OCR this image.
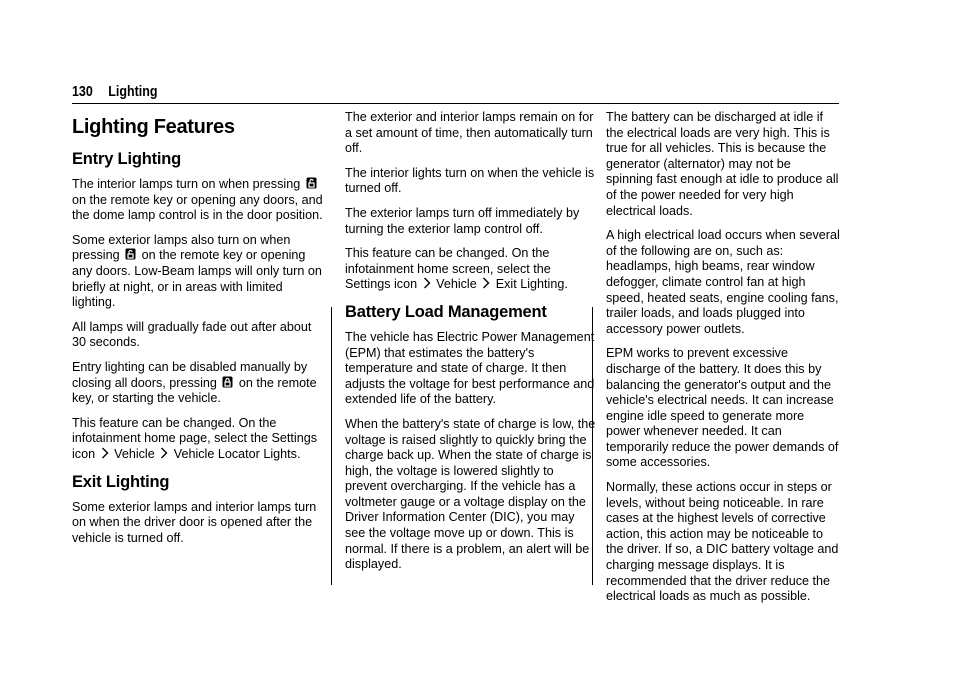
130 Lighting
Lighting Features
Entry Lighting

The interior lamps turn on when pressing  on the remote key or opening any doors, and the dome lamp control is in the door position.

Some exterior lamps also turn on when pressing on the remote key or opening any doors. Low-Beam lamps will only turn on briefly at night, or in areas with limited lighting.

All lamps will gradually fade out after about 30 seconds.

Entry lighting can be disabled manually by closing all doors, pressing on the remote key, or starting the vehicle.

This feature can be changed. On the infotainment home page, select the Settings icon Vehicle Vehicle Locator Lights.

Exit Lighting

Some exterior lamps and interior lamps turn on when the driver door is opened after the vehicle is turned off.

The exterior and interior lamps remain on for a set amount of time, then automatically turn off.

The interior lights turn on when the vehicle is turned off.

The exterior lamps turn off immediately by turning the exterior lamp control off.

This feature can be changed. On the infotainment home screen, select the Settings icon Vehicle Exit Lighting.

Battery Load Management

The vehicle has Electric Power Management (EPM) that estimates the battery's temperature and state of charge. It then adjusts the voltage for best performance and extended life of the battery.

When the battery's state of charge is low, the voltage is raised slightly to quickly bring the charge back up. When the state of charge is high, the voltage is lowered slightly to prevent overcharging. If the vehicle has a voltmeter gauge or a voltage display on the Driver Information Center (DIC), you may see the voltage move up or down. This is normal. If there is a problem, an alert will be displayed.

The battery can be discharged at idle if the electrical loads are very high. This is true for all vehicles. This is because the generator (alternator) may not be spinning fast enough at idle to produce all of the power needed for very high electrical loads.

A high electrical load occurs when several of the following are on, such as: headlamps, high beams, rear window defogger, climate control fan at high speed, heated seats, engine cooling fans, trailer loads, and loads plugged into accessory power outlets.

EPM works to prevent excessive discharge of the battery. It does this by balancing the generator's output and the vehicle's electrical needs. It can increase engine idle speed to generate more power whenever needed. It can temporarily reduce the power demands of some accessories.

Normally, these actions occur in steps or levels, without being noticeable. In rare cases at the highest levels of corrective action, this action may be noticeable to the driver. If so, a DIC battery voltage and charging message displays. It is recommended that the driver reduce the electrical loads as much as possible.
